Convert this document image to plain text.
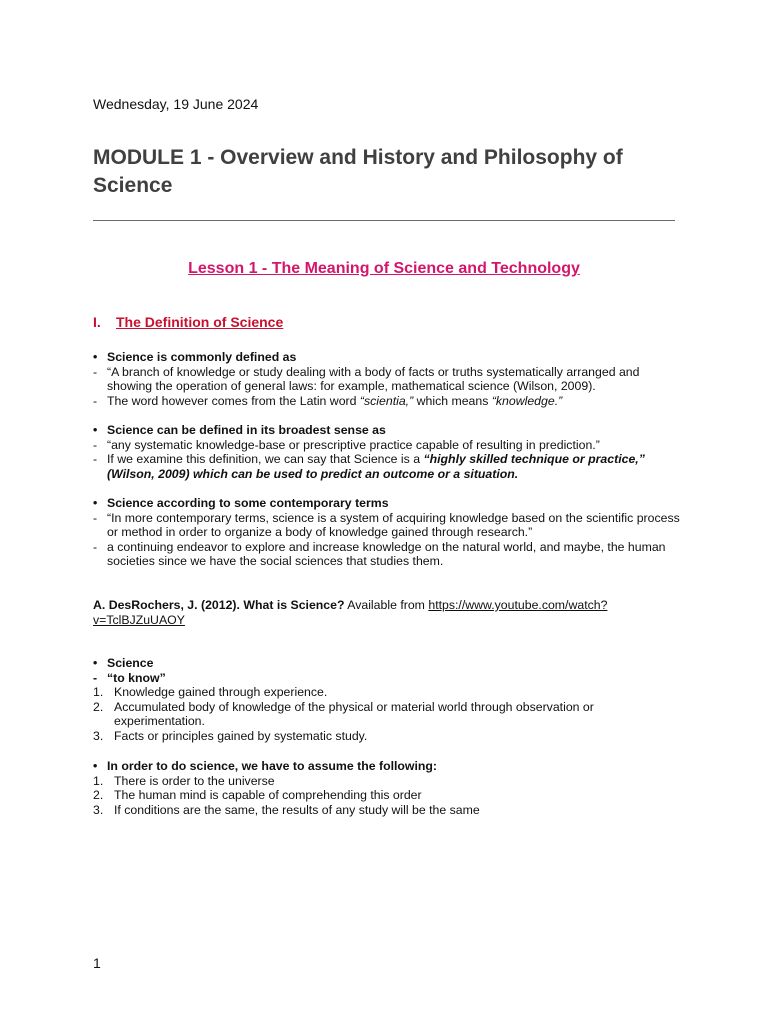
Wednesday, 19 June 2024
MODULE 1 - Overview and History and Philosophy of Science
Lesson 1 - The Meaning of Science and Technology
I. The Definition of Science
• Science is commonly defined as
- “A branch of knowledge or study dealing with a body of facts or truths systematically arranged and showing the operation of general laws: for example, mathematical science (Wilson, 2009).
- The word however comes from the Latin word “scientia,” which means “knowledge.”
• Science can be defined in its broadest sense as
- “any systematic knowledge-base or prescriptive practice capable of resulting in prediction.”
- If we examine this definition, we can say that Science is a “highly skilled technique or practice,” (Wilson, 2009) which can be used to predict an outcome or a situation.
• Science according to some contemporary terms
- “In more contemporary terms, science is a system of acquiring knowledge based on the scientific process or method in order to organize a body of knowledge gained through research.”
- a continuing endeavor to explore and increase knowledge on the natural world, and maybe, the human societies since we have the social sciences that studies them.
A. DesRochers, J. (2012). What is Science? Available from https://www.youtube.com/watch?v=TclBJZuUAOY
• Science
- “to know”
1. Knowledge gained through experience.
2. Accumulated body of knowledge of the physical or material world through observation or experimentation.
3. Facts or principles gained by systematic study.
• In order to do science, we have to assume the following:
1. There is order to the universe
2. The human mind is capable of comprehending this order
3. If conditions are the same, the results of any study will be the same
1
